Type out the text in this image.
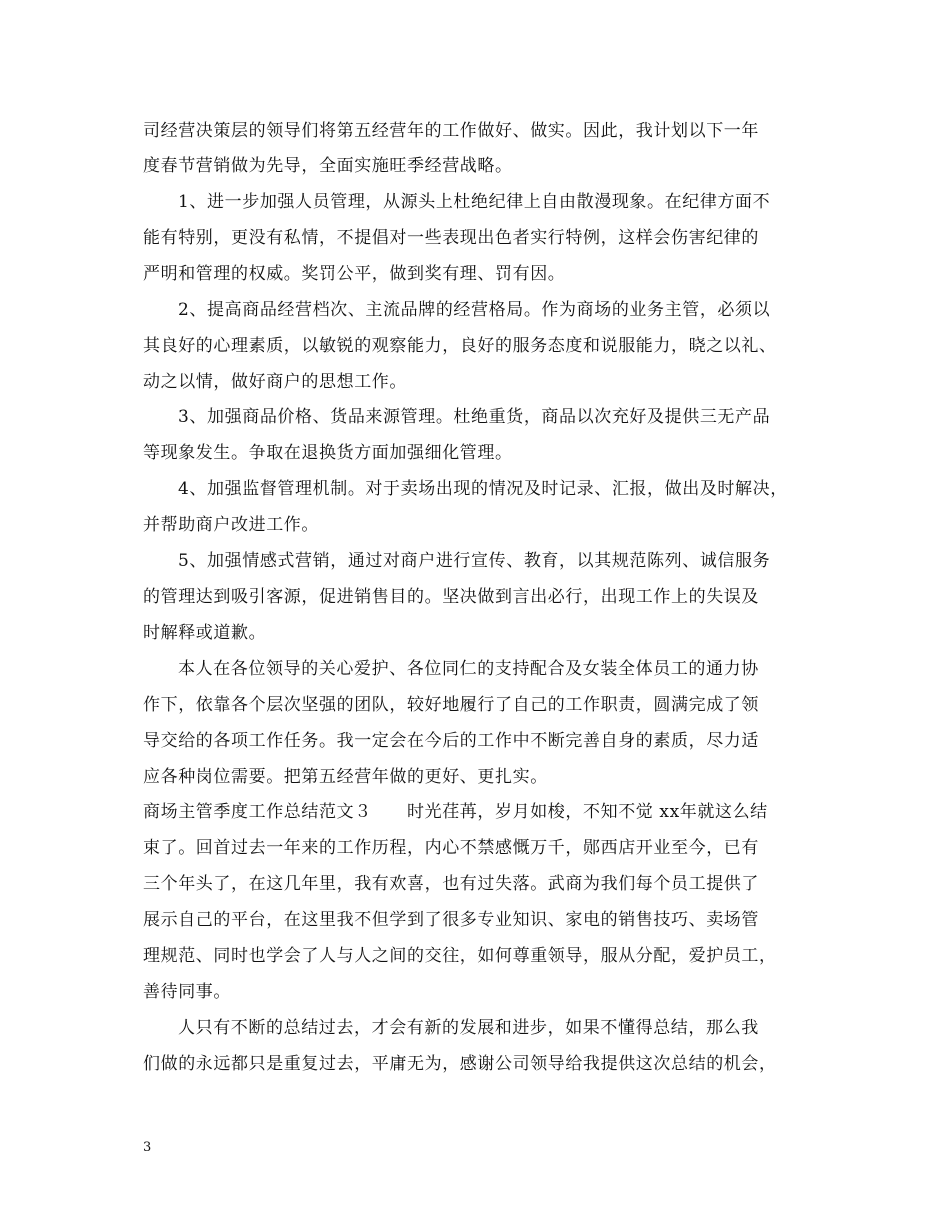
司经营决策层的领导们将第五经营年的工作做好、做实。因此，我计划以下一年
度春节营销做为先导，全面实施旺季经营战略。
1、进一步加强人员管理，从源头上杜绝纪律上自由散漫现象。在纪律方面不
能有特别，更没有私情，不提倡对一些表现出色者实行特例，这样会伤害纪律的
严明和管理的权威。奖罚公平，做到奖有理、罚有因。
2、提高商品经营档次、主流品牌的经营格局。作为商场的业务主管，必须以
其良好的心理素质，以敏锐的观察能力，良好的服务态度和说服能力，晓之以礼、
动之以情，做好商户的思想工作。
3、加强商品价格、货品来源管理。杜绝重货，商品以次充好及提供三无产品
等现象发生。争取在退换货方面加强细化管理。
4、加强监督管理机制。对于卖场出现的情况及时记录、汇报，做出及时解决，
并帮助商户改进工作。
5、加强情感式营销，通过对商户进行宣传、教育，以其规范陈列、诚信服务
的管理达到吸引客源，促进销售目的。坚决做到言出必行，出现工作上的失误及
时解释或道歉。
本人在各位领导的关心爱护、各位同仁的支持配合及女装全体员工的通力协
作下，依靠各个层次坚强的团队，较好地履行了自己的工作职责，圆满完成了领
导交给的各项工作任务。我一定会在今后的工作中不断完善自身的素质，尽力适
应各种岗位需要。把第五经营年做的更好、更扎实。
商场主管季度工作总结范文３　　时光荏苒，岁月如梭，不知不觉 xx年就这么结
束了。回首过去一年来的工作历程，内心不禁感慨万千，郧西店开业至今，已有
三个年头了，在这几年里，我有欢喜，也有过失落。武商为我们每个员工提供了
展示自己的平台，在这里我不但学到了很多专业知识、家电的销售技巧、卖场管
理规范、同时也学会了人与人之间的交往，如何尊重领导，服从分配，爱护员工，
善待同事。
人只有不断的总结过去，才会有新的发展和进步，如果不懂得总结，那么我
们做的永远都只是重复过去，平庸无为，感谢公司领导给我提供这次总结的机会，
3
